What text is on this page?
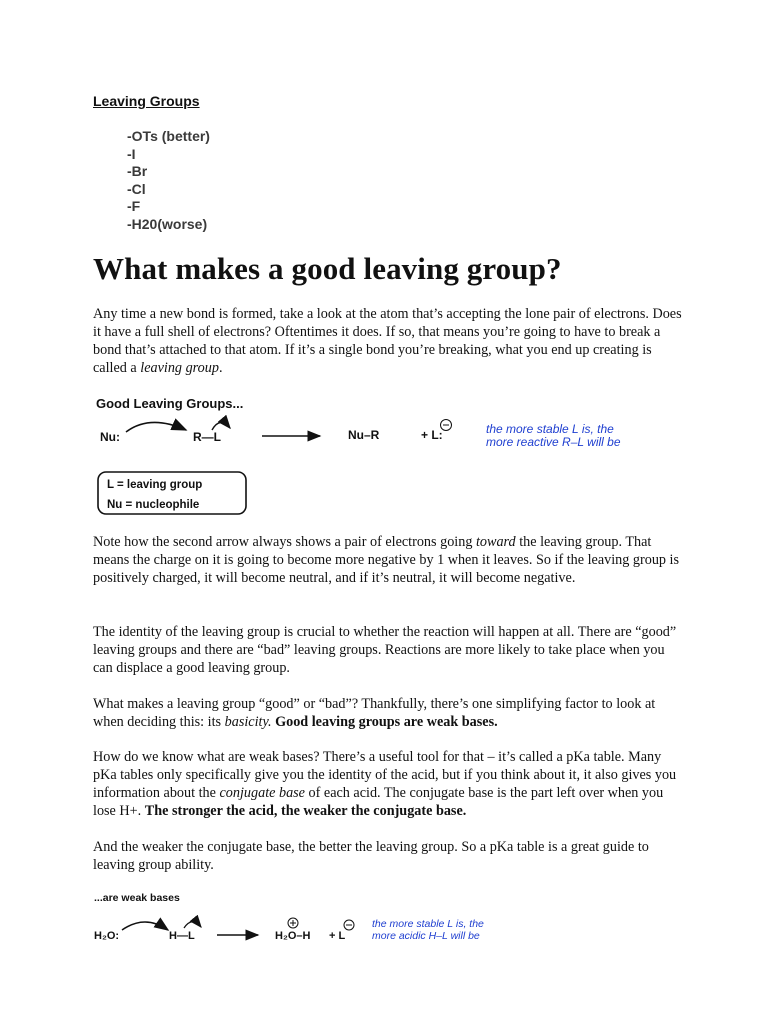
Leaving Groups
-OTs (better)
-I
-Br
-Cl
-F
-H20(worse)
What makes a good leaving group?

Any time a new bond is formed, take a look at the atom that’s accepting the lone pair of electrons. Does it have a full shell of electrons? Oftentimes it does. If so, that means you’re going to have to break a bond that’s attached to that atom. If it’s a single bond you’re breaking, what you end up creating is called a leaving group.

Good Leaving Groups...
Nu:	R—L	Nu–R	+ L:	the more stable L is, the
more reactive R–L will be
L = leaving group
Nu = nucleophile

Note how the second arrow always shows a pair of electrons going toward the leaving group. That means the charge on it is going to become more negative by 1 when it leaves. So if the leaving group is positively charged, it will become neutral, and if it’s neutral, it will become negative.

The identity of the leaving group is crucial to whether the reaction will happen at all. There are “good” leaving groups and there are “bad” leaving groups. Reactions are more likely to take place when you can displace a good leaving group.

What makes a leaving group “good” or “bad”? Thankfully, there’s one simplifying factor to look at when deciding this: its basicity. Good leaving groups are weak bases.

How do we know what are weak bases? There’s a useful tool for that – it’s called a pKa table. Many pKa tables only specifically give you the identity of the acid, but if you think about it, it also gives you information about the conjugate base of each acid. The conjugate base is the part left over when you lose H+. The stronger the acid, the weaker the conjugate base.

And the weaker the conjugate base, the better the leaving group. So a pKa table is a great guide to leaving group ability.

...are weak bases
H₂O:	H—L	H₂O–H + L
the more stable L is, the
more acidic H–L will be
